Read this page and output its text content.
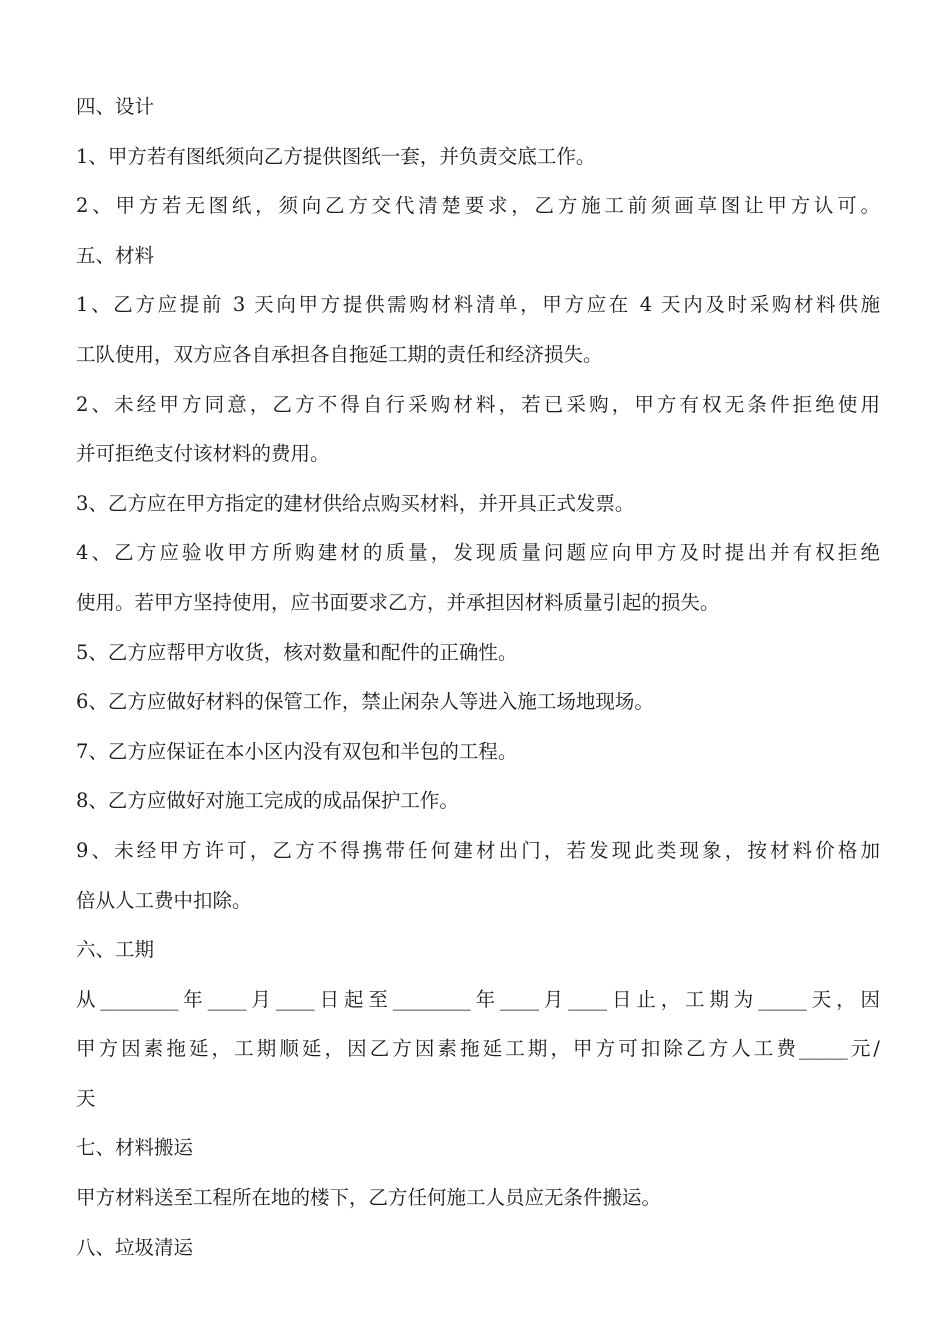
四、设计

1、甲方若有图纸须向乙方提供图纸一套，并负责交底工作。

2、甲方若无图纸，须向乙方交代清楚要求，乙方施工前须画草图让甲方认可。

五、材料

1、乙方应提前 3 天向甲方提供需购材料清单，甲方应在 4 天内及时采购材料供施

工队使用，双方应各自承担各自拖延工期的责任和经济损失。

2、未经甲方同意，乙方不得自行采购材料，若已采购，甲方有权无条件拒绝使用

并可拒绝支付该材料的费用。

3、乙方应在甲方指定的建材供给点购买材料，并开具正式发票。

4、乙方应验收甲方所购建材的质量，发现质量问题应向甲方及时提出并有权拒绝

使用。若甲方坚持使用，应书面要求乙方，并承担因材料质量引起的损失。

5、乙方应帮甲方收货，核对数量和配件的正确性。

6、乙方应做好材料的保管工作，禁止闲杂人等进入施工场地现场。

7、乙方应保证在本小区内没有双包和半包的工程。

8、乙方应做好对施工完成的成品保护工作。

9、未经甲方许可，乙方不得携带任何建材出门，若发现此类现象，按材料价格加

倍从人工费中扣除。

六、工期

从________年____月____日起至________年____月____日止，工期为_____天，因

甲方因素拖延，工期顺延，因乙方因素拖延工期，甲方可扣除乙方人工费_____元/

天

七、材料搬运

甲方材料送至工程所在地的楼下，乙方任何施工人员应无条件搬运。

八、垃圾清运
